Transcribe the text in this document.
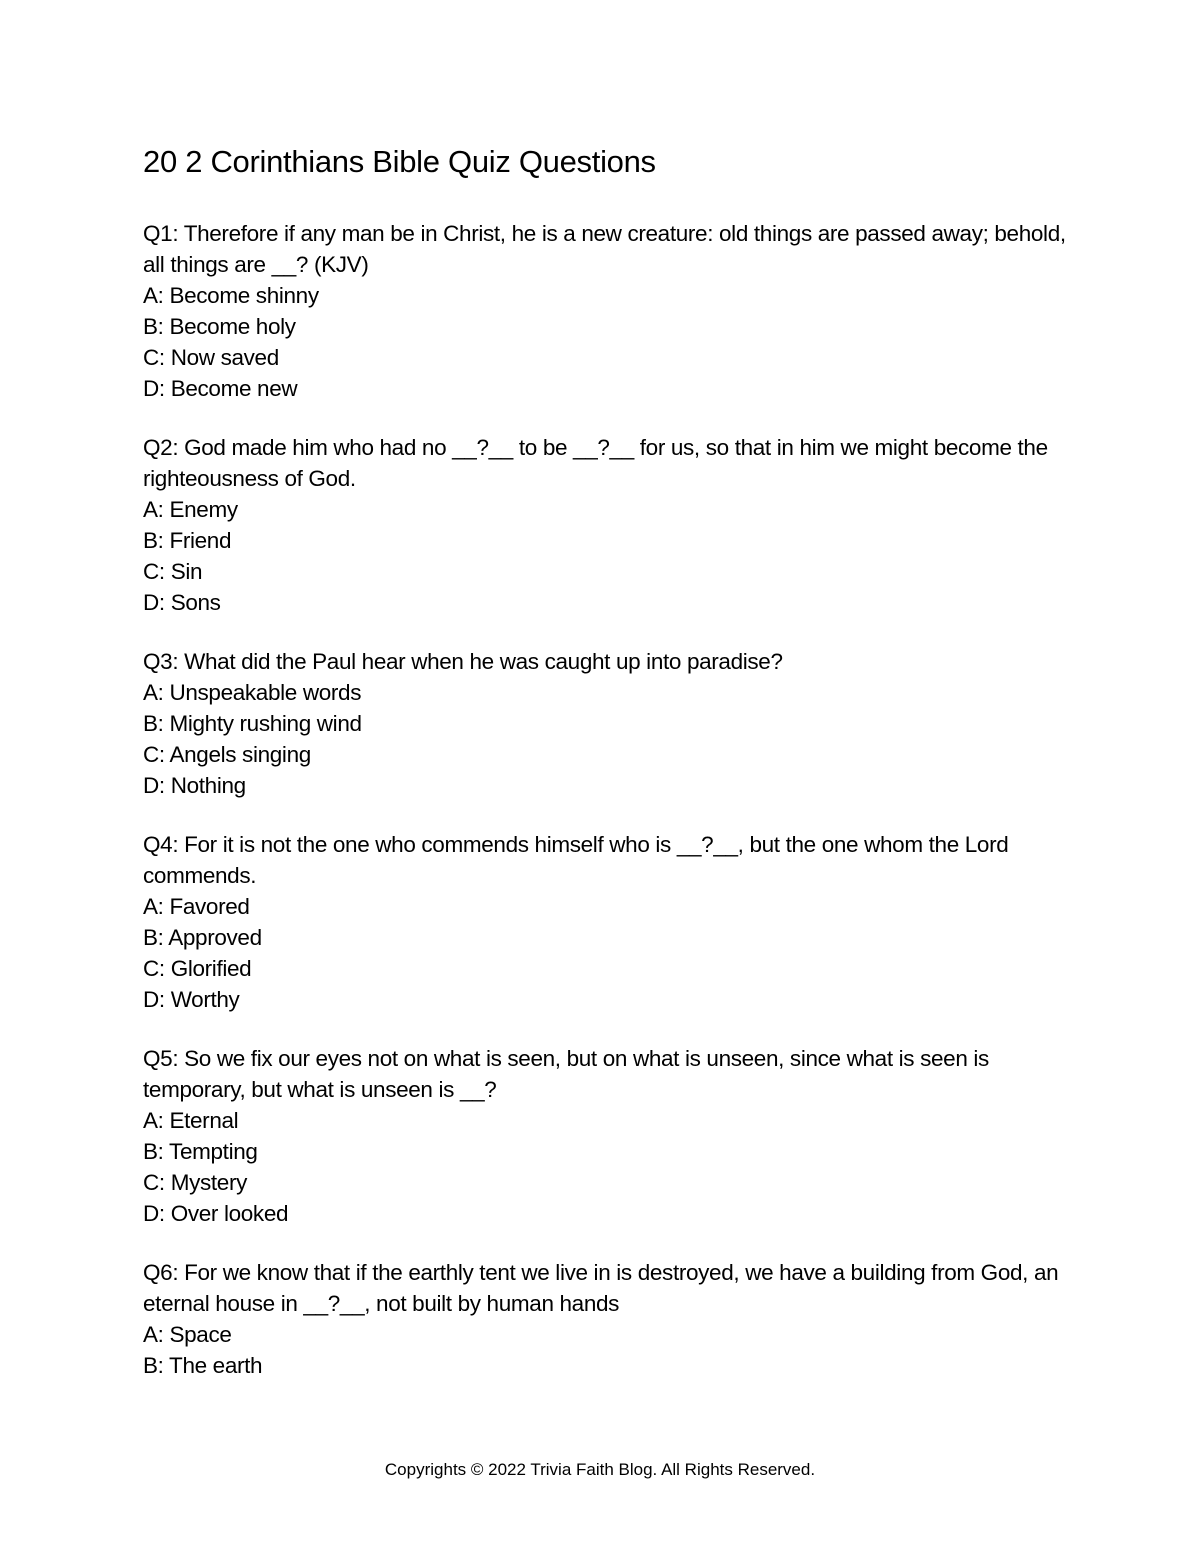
20 2 Corinthians Bible Quiz Questions
Q1: Therefore if any man be in Christ, he is a new creature: old things are passed away; behold, all things are __? (KJV)
A: Become shinny
B: Become holy
C: Now saved
D: Become new
Q2: God made him who had no __?__ to be __?__ for us, so that in him we might become the righteousness of God.
A: Enemy
B: Friend
C: Sin
D: Sons
Q3: What did the Paul hear when he was caught up into paradise?
A: Unspeakable words
B: Mighty rushing wind
C: Angels singing
D: Nothing
Q4: For it is not the one who commends himself who is __?__, but the one whom the Lord commends.
A: Favored
B: Approved
C: Glorified
D: Worthy
Q5: So we fix our eyes not on what is seen, but on what is unseen, since what is seen is temporary, but what is unseen is __?
A: Eternal
B: Tempting
C: Mystery
D: Over looked
Q6: For we know that if the earthly tent we live in is destroyed, we have a building from God, an eternal house in __?__, not built by human hands
A: Space
B: The earth
Copyrights © 2022 Trivia Faith Blog. All Rights Reserved.
